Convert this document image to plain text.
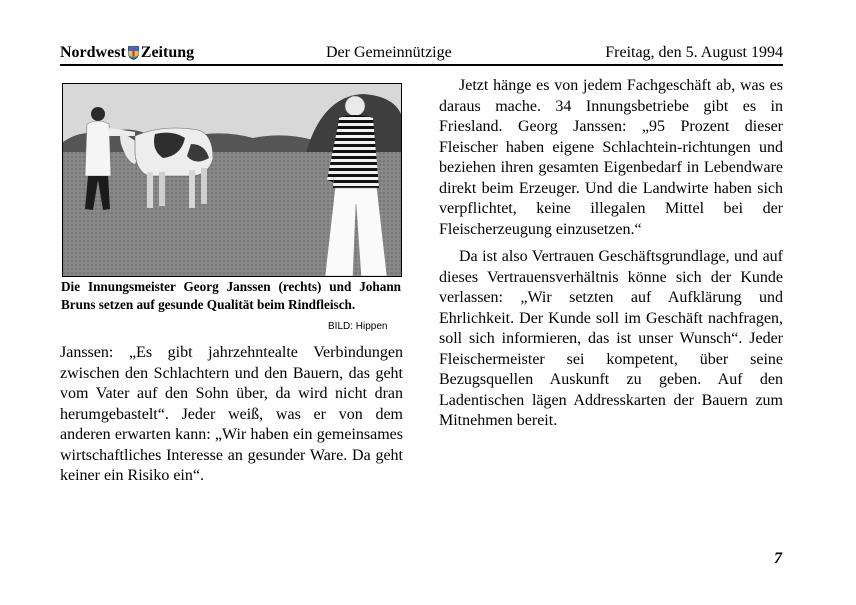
Nordwest Zeitung	Der Gemeinnützige	Freitag, den 5. August 1994
Die Innungsmeister Georg Janssen (rechts) und Johann Bruns setzen auf gesunde Qualität beim Rindfleisch.
BILD: Hippen

Janssen: „Es gibt jahrzehntealte Verbindungen zwischen den Schlachtern und den Bauern, das geht vom Vater auf den Sohn über, da wird nicht dran herumgebastelt“. Jeder weiß, was er von dem anderen erwarten kann: „Wir haben ein gemeinsames wirtschaftliches Interesse an gesunder Ware. Da geht keiner ein Risiko ein“.

Jetzt hänge es von jedem Fachgeschäft ab, was es daraus mache. 34 Innungsbetriebe gibt es in Friesland. Georg Janssen: „95 Prozent dieser Fleischer haben eigene Schlachtein-richtungen und beziehen ihren gesamten Eigenbedarf in Lebendware direkt beim Erzeuger. Und die Landwirte haben sich verpflichtet, keine illegalen Mittel bei der Fleischerzeugung einzusetzen.“

Da ist also Vertrauen Geschäftsgrundlage, und auf dieses Vertrauensverhältnis könne sich der Kunde verlassen: „Wir setzten auf Aufklärung und Ehrlichkeit. Der Kunde soll im Geschäft nachfragen, soll sich informieren, das ist unser Wunsch“. Jeder Fleischermeister sei kompetent, über seine Bezugsquellen Auskunft zu geben. Auf den Ladentischen lägen Addresskarten der Bauern zum Mitnehmen bereit.

7
